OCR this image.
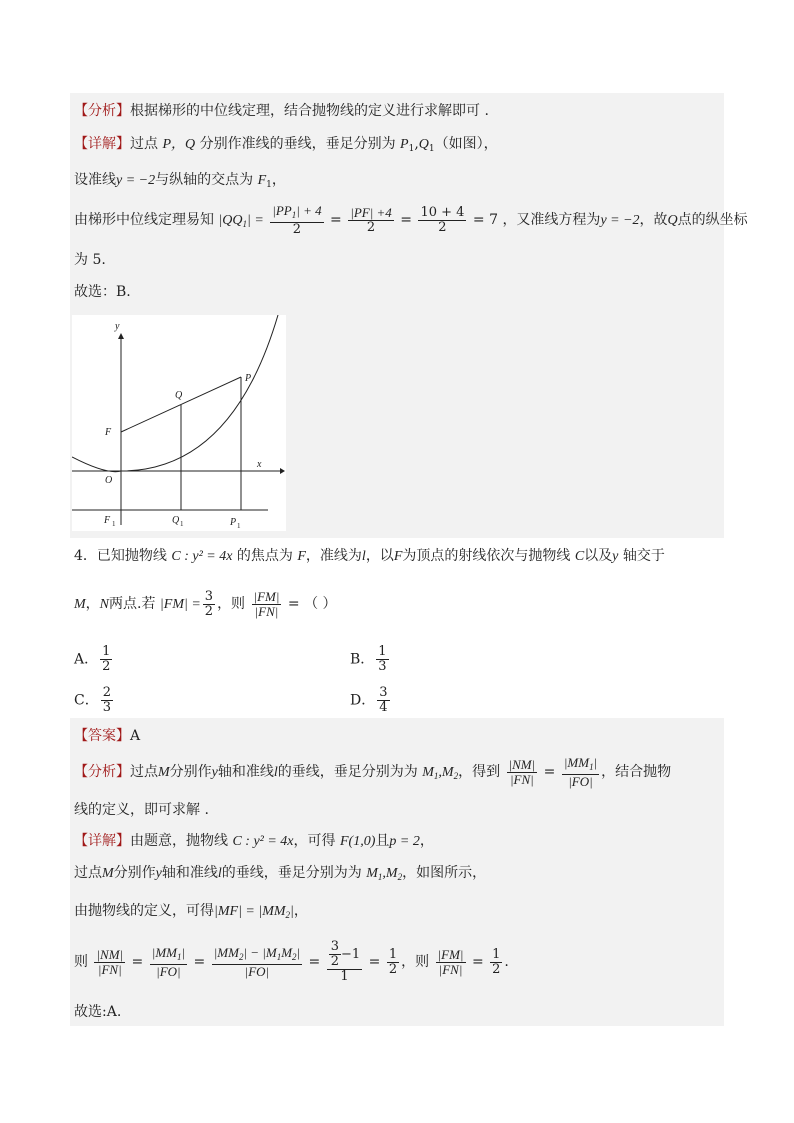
【分析】根据梯形的中位线定理，结合抛物线的定义进行求解即可 .
【详解】过点 P，Q 分别作准线的垂线，垂足分别为 $P_1,Q_1$（如图），
设准线y = −2与纵轴的交点为 $F_1$，
由梯形中位线定理易知 $|QQ_1| = \frac{|PP_1| + 4}{2} = \frac{|PF| +4}{2} = \frac{10 + 4}{2} = 7$ ，又准线方程为y = −2，故Q点的纵坐标
为 5.
故选：B.
y
x
O
F
Q
P
F 1	Q 1	P 1
4．已知抛物线 C : y² = 4x 的焦点为 F，准线为l，以F为顶点的射线依次与抛物线 C以及y 轴交于
M，N两点.若 $|FM| = \frac{3}{2}$ ，则 $\frac{|FM|}{|FN|}$ = （ ）
A． $\frac{1}{2}$	B． $\frac{1}{3}$
C． $\frac{2}{3}$	D． $\frac{3}{4}$
【答案】A
【分析】过点M分别作y轴和准线l的垂线，垂足分别为为 $M_1,M_2$，得到 $\frac{|NM|}{|FN|} = \frac{|MM_1|}{|FO|}$ ，结合抛物
线的定义，即可求解 .
【详解】由题意，抛物线 C : y² = 4x，可得 F(1,0)且p = 2，
过点M分别作y轴和准线l的垂线，垂足分别为为 $M_1,M_2$，如图所示，
由抛物线的定义，可得$|MF| = |MM_2|$，
则 $\frac{|NM|}{|FN|} = \frac{|MM_1|}{|FO|} = \frac{|MM_2| - |M_1M_2|}{|FO|} = \frac{\frac{3}{2} -1}{1} = \frac{1}{2}$ ，则 $\frac{|FM|}{|FN|} = \frac{1}{2}$ .
故选:A.
